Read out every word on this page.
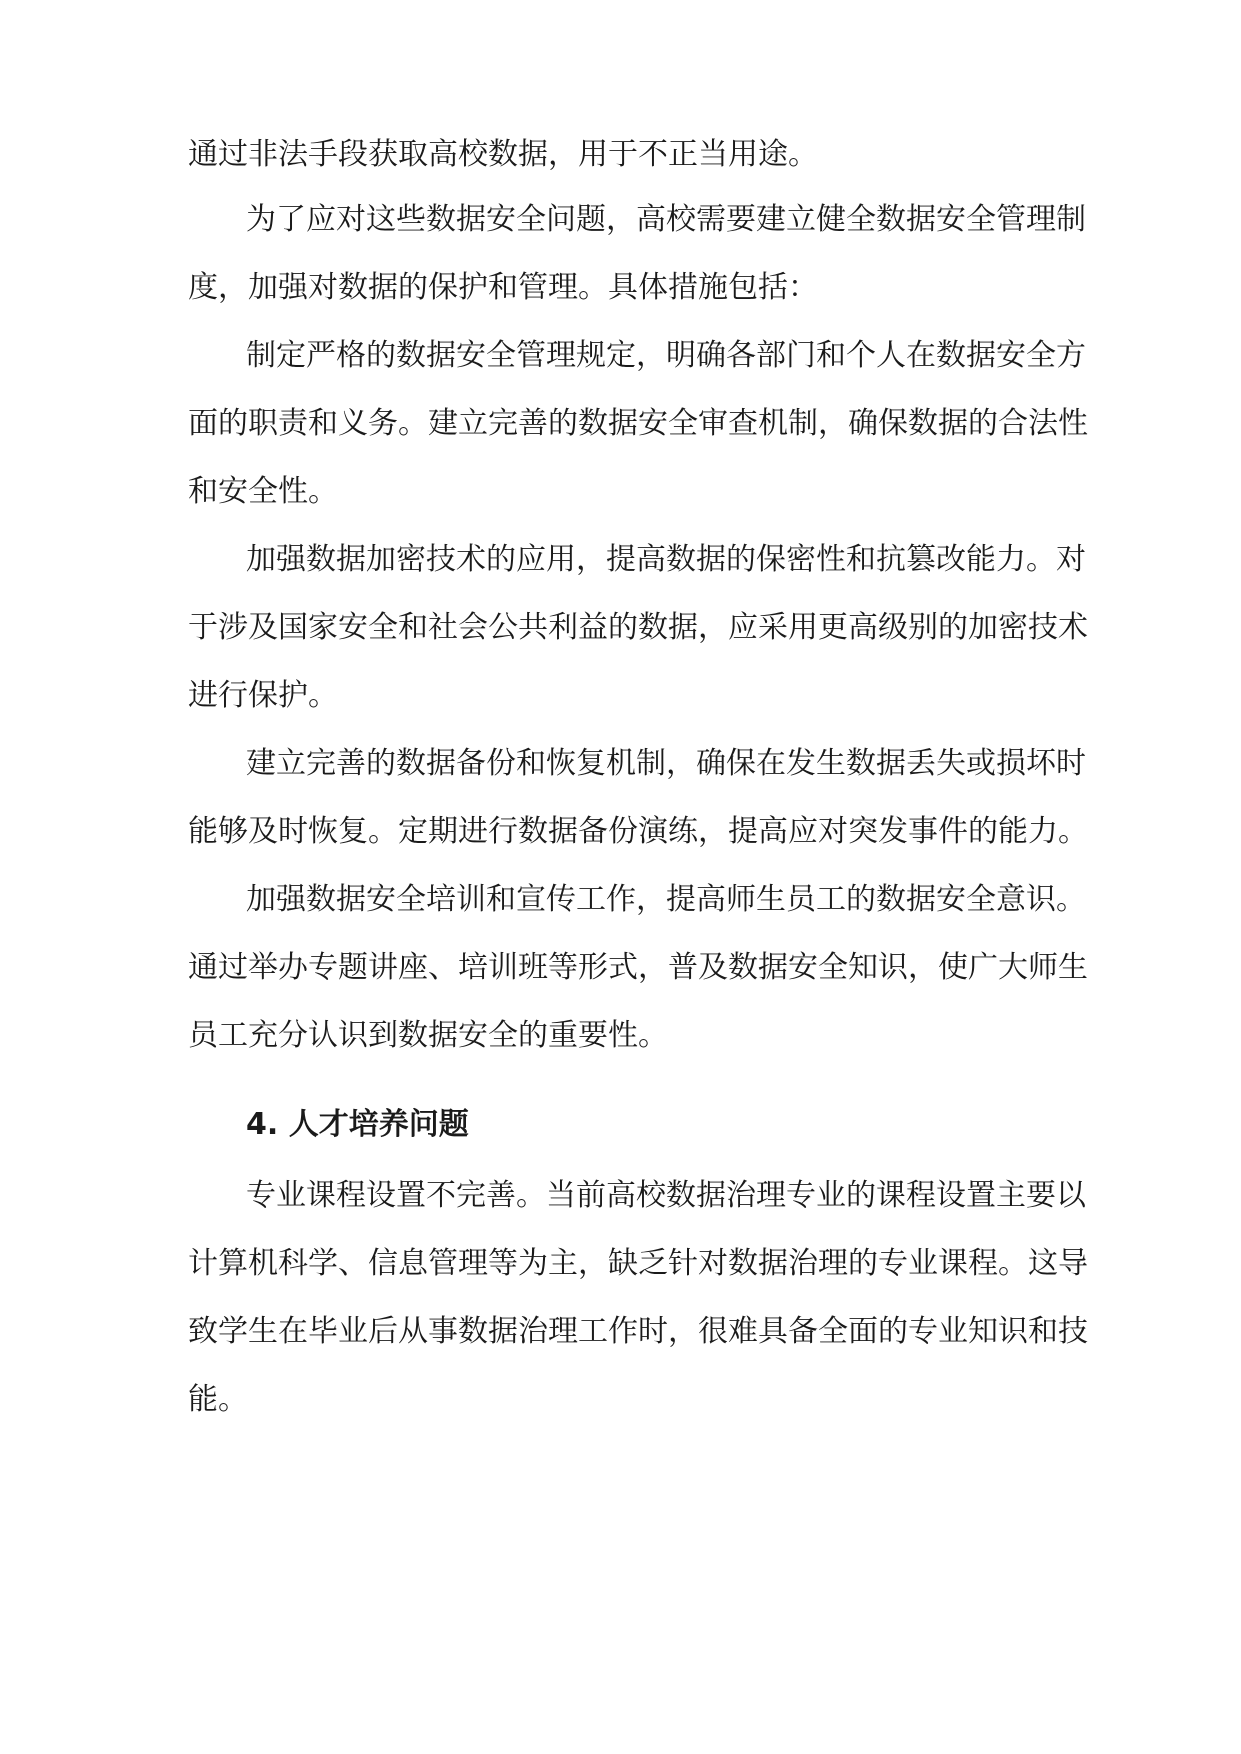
通过非法手段获取高校数据，用于不正当用途。
为了应对这些数据安全问题，高校需要建立健全数据安全管理制
度，加强对数据的保护和管理。具体措施包括：
制定严格的数据安全管理规定，明确各部门和个人在数据安全方
面的职责和义务。建立完善的数据安全审查机制，确保数据的合法性
和安全性。
加强数据加密技术的应用，提高数据的保密性和抗篡改能力。对
于涉及国家安全和社会公共利益的数据，应采用更高级别的加密技术
进行保护。
建立完善的数据备份和恢复机制，确保在发生数据丢失或损坏时
能够及时恢复。定期进行数据备份演练，提高应对突发事件的能力。
加强数据安全培训和宣传工作，提高师生员工的数据安全意识。
通过举办专题讲座、培训班等形式，普及数据安全知识，使广大师生
员工充分认识到数据安全的重要性。
4. 人才培养问题
专业课程设置不完善。当前高校数据治理专业的课程设置主要以
计算机科学、信息管理等为主，缺乏针对数据治理的专业课程。这导
致学生在毕业后从事数据治理工作时，很难具备全面的专业知识和技
能。
